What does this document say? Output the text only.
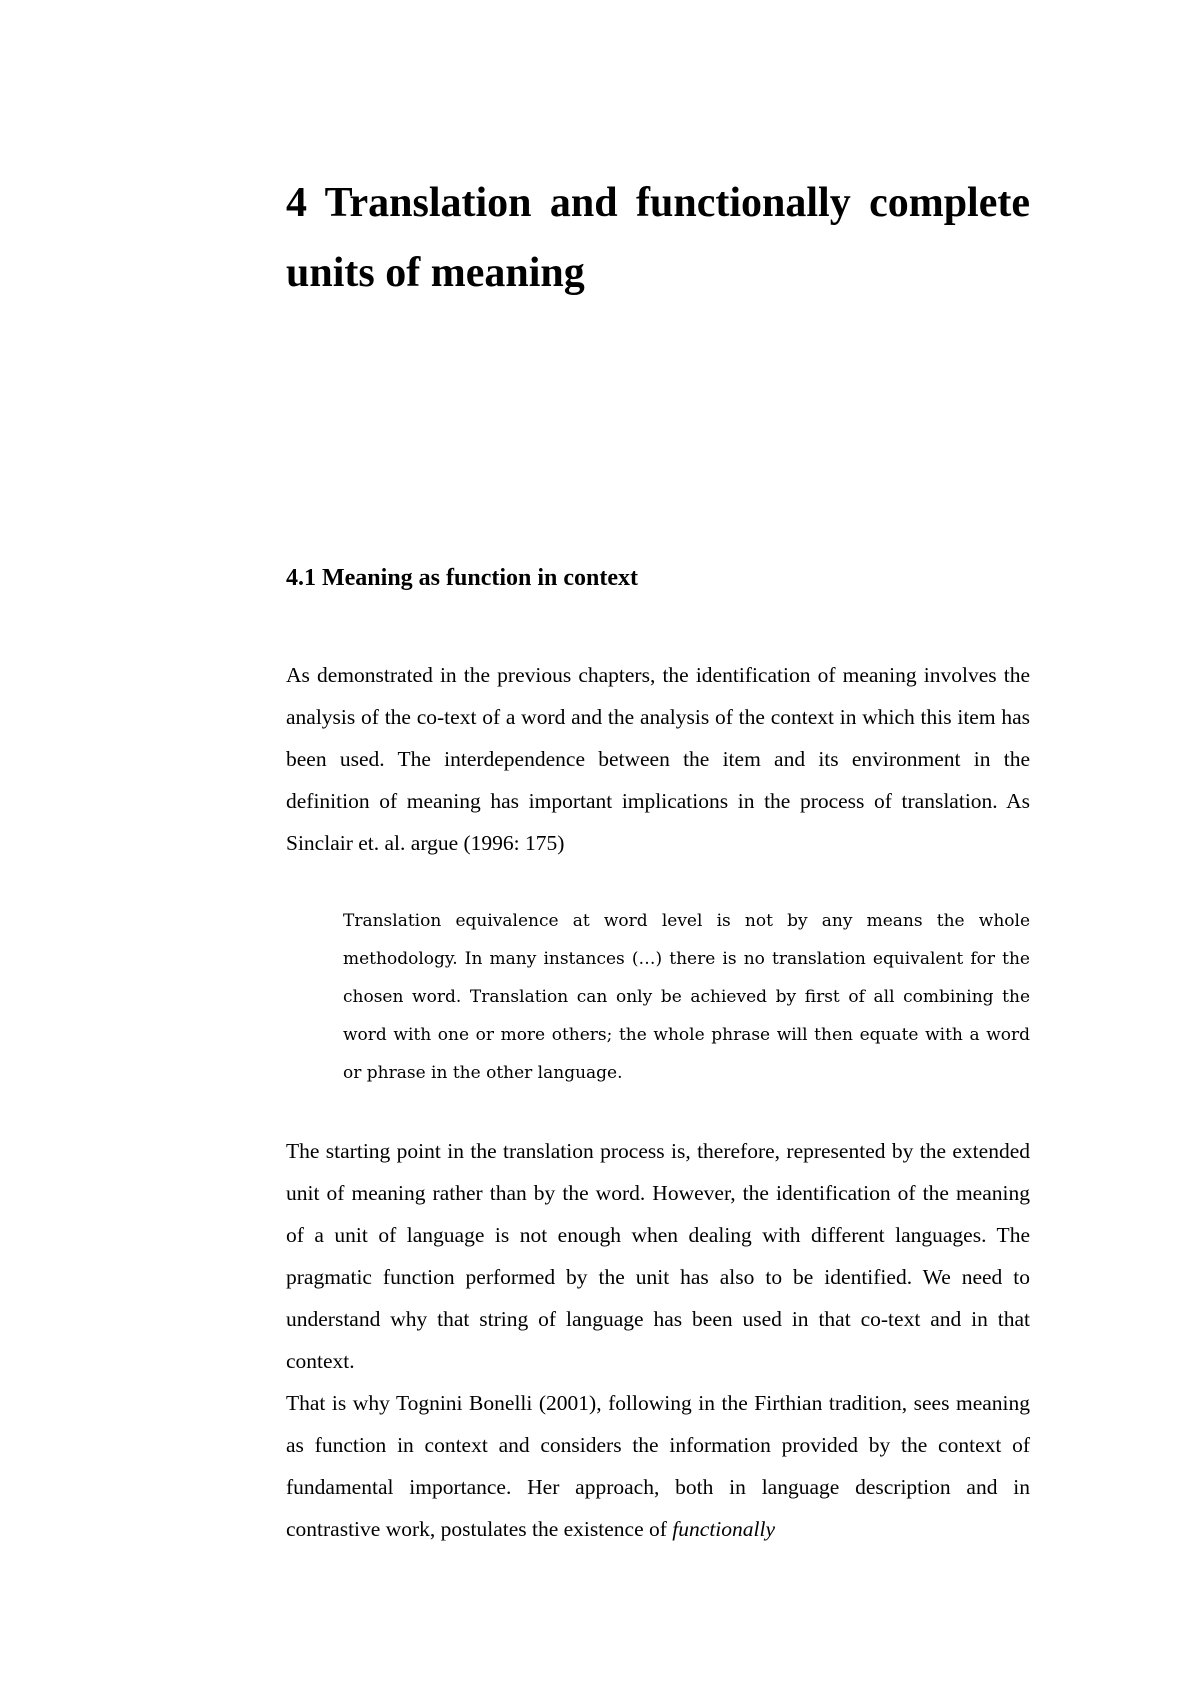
4 Translation and functionally complete units of meaning
4.1 Meaning as function in context

As demonstrated in the previous chapters, the identification of meaning involves the analysis of the co-text of a word and the analysis of the context in which this item has been used. The interdependence between the item and its environment in the definition of meaning has important implications in the process of translation. As Sinclair et. al. argue (1996: 175)

Translation equivalence at word level is not by any means the whole methodology. In many instances (…) there is no translation equivalent for the chosen word. Translation can only be achieved by first of all combining the word with one or more others; the whole phrase will then equate with a word or phrase in the other language.

The starting point in the translation process is, therefore, represented by the extended unit of meaning rather than by the word. However, the identification of the meaning of a unit of language is not enough when dealing with different languages. The pragmatic function performed by the unit has also to be identified. We need to understand why that string of language has been used in that co-text and in that context.

That is why Tognini Bonelli (2001), following in the Firthian tradition, sees meaning as function in context and considers the information provided by the context of fundamental importance. Her approach, both in language description and in contrastive work, postulates the existence of functionally
